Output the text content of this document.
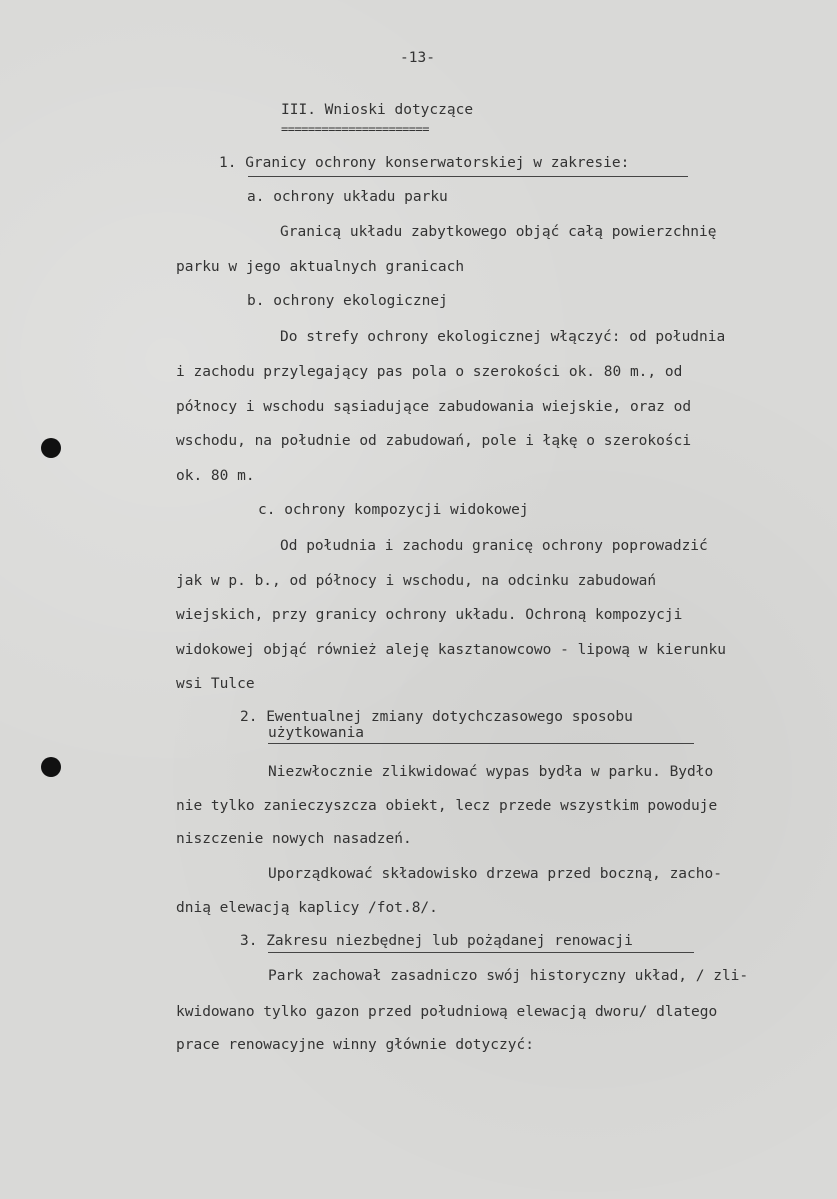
-13-
III. Wnioski dotyczące
======================
1. Granicy ochrony konserwatorskiej w zakresie:
a. ochrony układu parku
Granicą układu zabytkowego objąć całą powierzchnię
parku w jego aktualnych granicach
b. ochrony ekologicznej
Do strefy ochrony ekologicznej włączyć: od południa
i zachodu przylegający pas pola o szerokości ok. 80 m., od
północy i wschodu sąsiadujące zabudowania wiejskie, oraz od
wschodu, na południe od zabudowań, pole i łąkę o szerokości
ok. 80 m.
c. ochrony kompozycji widokowej
Od południa i zachodu granicę ochrony poprowadzić
jak w p. b., od północy i wschodu, na odcinku zabudowań
wiejskich, przy granicy ochrony układu. Ochroną kompozycji
widokowej objąć również aleję kasztanowcowo - lipową w kierunku
wsi Tulce
2. Ewentualnej zmiany dotychczasowego sposobu
użytkowania
Niezwłocznie zlikwidować wypas bydła w parku. Bydło
nie tylko zanieczyszcza obiekt, lecz przede wszystkim powoduje
niszczenie nowych nasadzeń.
Uporządkować składowisko drzewa przed boczną, zacho-
dnią elewacją kaplicy /fot.8/.
3. Zakresu niezbędnej lub pożądanej renowacji
Park zachował zasadniczo swój historyczny układ, / zli-
kwidowano tylko gazon przed południową elewacją dworu/ dlatego
prace renowacyjne winny głównie dotyczyć:
